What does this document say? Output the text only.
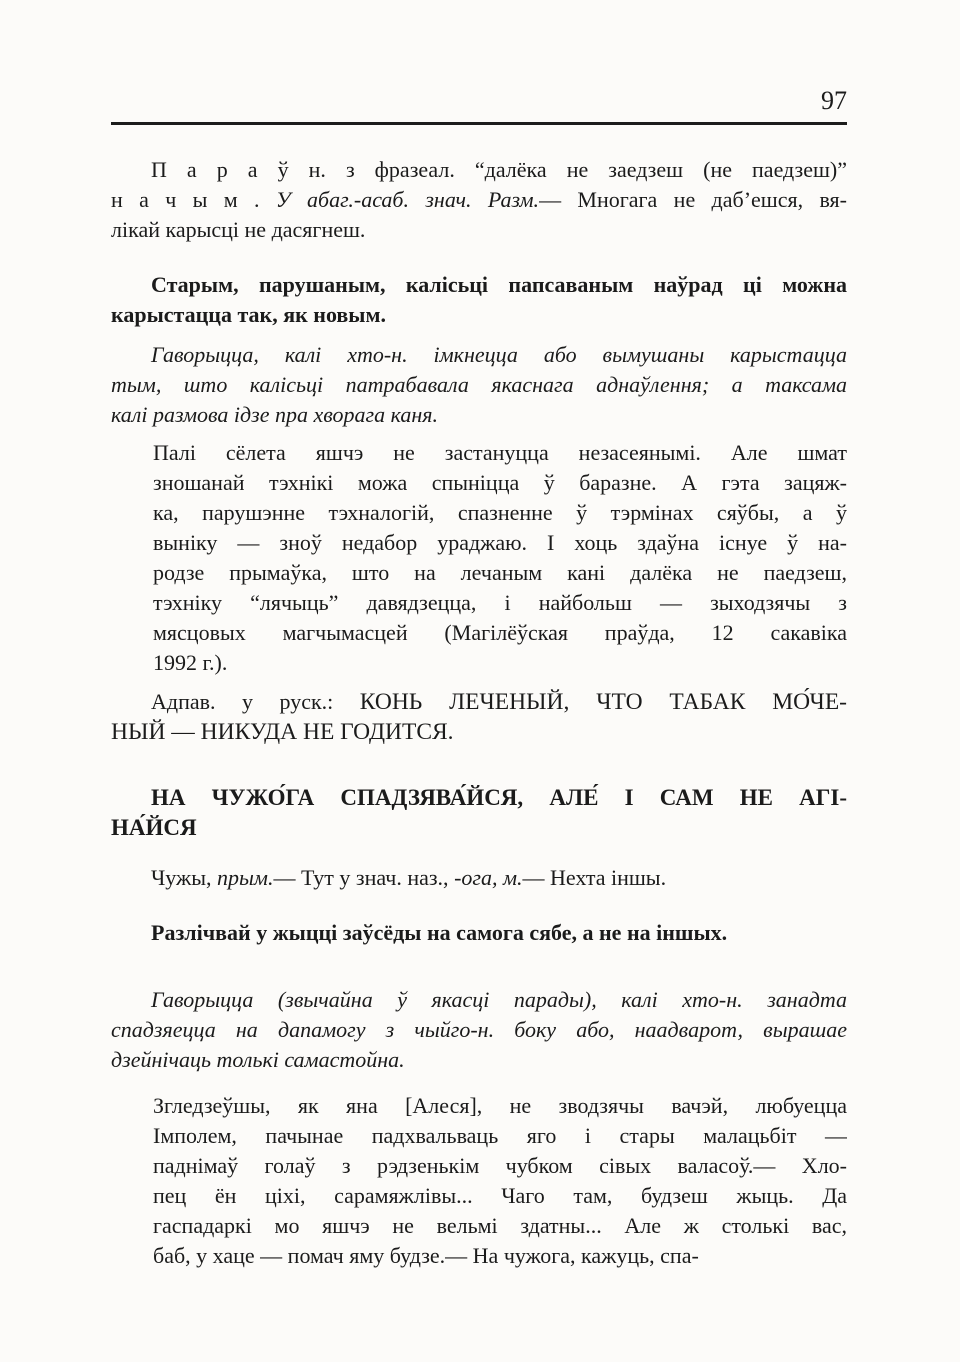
97
П а р а ў н. з фразеал. “далёка не заедзеш (не паедзеш)”
н а ч ы м . У абаг.-асаб. знач. Разм.— Многага не даб’ешся, вя-
лікай карысці не дасягнеш.
Старым, парушаным, калісьці папсаваным наўрад ці можна
карыстацца так, як новым.
Гаворыцца, калі хто-н. імкнецца або вымушаны карыстацца
тым, што калісьці патрабавала якаснага аднаўлення; а таксама
калі размова ідзе пра хворага каня.
Палі сёлета яшчэ не застануцца незасеянымі. Але шмат
зношанай тэхнікі можа спыніцца ў баразне. А гэта зацяж-
ка, парушэнне тэхналогій, спазненне ў тэрмінах сяўбы, а ў
выніку — зноў недабор ураджаю. І хоць здаўна існуе ў на-
родзе прымаўка, што на лечаным кані далёка не паедзеш,
тэхніку “лячыць” давядзецца, і найбольш — зыходзячы з
мясцовых магчымасцей (Магілёўская праўда, 12 сакавіка
1992 г.).
Адпав. у руск.: КОНЬ ЛЕЧЕНЫЙ, ЧТО ТАБАК МО́ЧЕ-
НЫЙ — НИКУДА НЕ ГОДИТСЯ.
НА ЧУЖО́ГА СПАДЗЯВА́ЙСЯ, АЛЕ́ І САМ НЕ АГІ-
НА́ЙСЯ
Чужы, прым.— Тут у знач. наз., -ога, м.— Нехта іншы.
Разлічвай у жыцці заўсёды на самога сябе, а не на іншых.
Гаворыцца (звычайна ў якасці парады), калі хто-н. занадта
спадзяецца на дапамогу з чыйго-н. боку або, наадварот, вырашае
дзейнічаць толькі самастойна.
Згледзеўшы, як яна [Алеся], не зводзячы вачэй, любуецца
Імполем, пачынае падхвальваць яго і стары малацьбіт —
паднімаў голаў з рэдзенькім чубком сівых валасоў.— Хло-
пец ён ціхі, сарамяжлівы... Чаго там, будзеш жыць. Да
гаспадаркі мо яшчэ не вельмі здатны... Але ж столькі вас,
баб, у хаце — помач яму будзе.— На чужога, кажуць, спа-
